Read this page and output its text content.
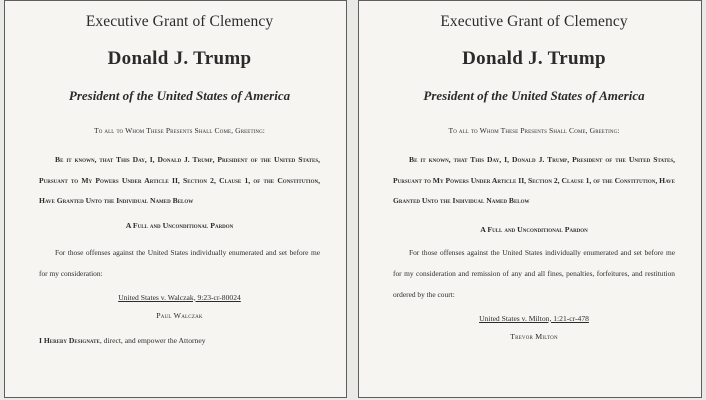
Executive Grant of Clemency
Donald J. Trump
President of the United States of America
To all to Whom These Presents Shall Come, Greeting:
Be it known, that This Day, I, Donald J. Trump, President of the United States, Pursuant to My Powers Under Article II, Section 2, Clause 1, of the Constitution, Have Granted Unto the Individual Named Below
A Full and Unconditional Pardon
For those offenses against the United States individually enumerated and set before me for my consideration:
United States v. Walczak, 9:23-cr-80024
Paul Walczak
I Hereby Designate, direct, and empower the Attorney
Executive Grant of Clemency
Donald J. Trump
President of the United States of America
To all to Whom These Presents Shall Come, Greeting:
Be it known, that This Day, I, Donald J. Trump, President of the United States, Pursuant to My Powers Under Article II, Section 2, Clause 1, of the Constitution, Have Granted Unto the Individual Named Below
A Full and Unconditional Pardon
For those offenses against the United States individually enumerated and set before me for my consideration and remission of any and all fines, penalties, forfeitures, and restitution ordered by the court:
United States v. Milton, 1:21-cr-478
Trevor Milton
